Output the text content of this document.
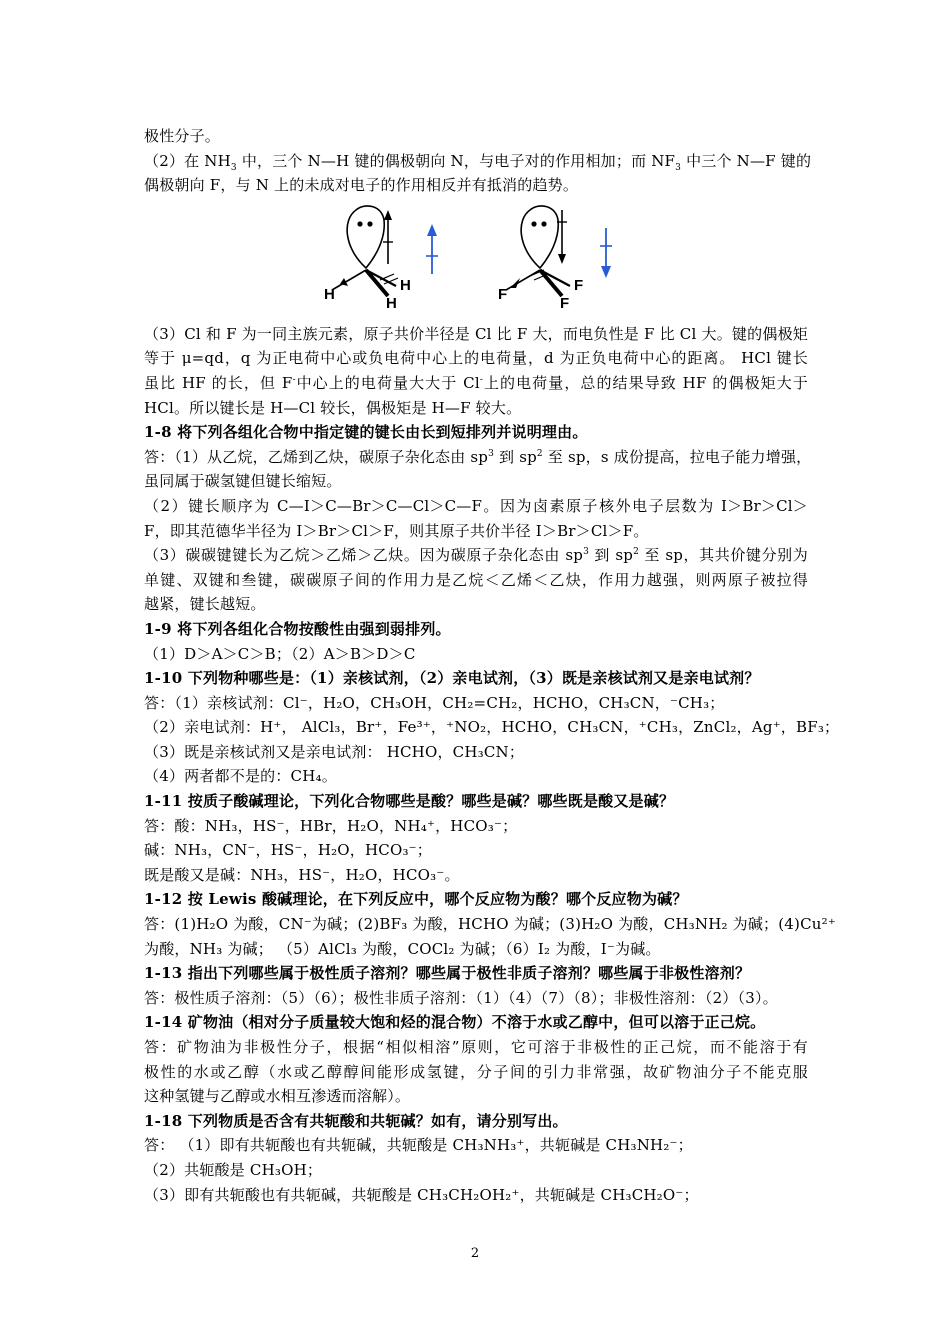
极性分子。
（2）在 $NH_3$ 中，三个 N—H 键的偶极朝向 N，与电子对的作用相加；而 $NF_3$ 中三个 N—F 键的
偶极朝向 F，与 N 上的未成对电子的作用相反并有抵消的趋势。
H
H
H
F
F
F
（3）Cl 和 F 为一同主族元素，原子共价半径是 Cl 比 F 大，而电负性是 F 比 Cl 大。键的偶极矩
等于 μ=qd，q 为正电荷中心或负电荷中心上的电荷量，d 为正负电荷中心的距离。 HCl 键长
虽比 HF 的长，但 F-中心上的电荷量大大于 Cl-上的电荷量，总的结果导致 HF 的偶极矩大于
HCl。所以键长是 H—Cl 较长，偶极矩是 H—F 较大。
1-8 将下列各组化合物中指定键的键长由长到短排列并说明理由。
答：（1）从乙烷，乙烯到乙炔，碳原子杂化态由 $sp^3$ 到 $sp^2$ 至 sp，s 成份提高，拉电子能力增强，
虽同属于碳氢键但键长缩短。
（2）键长顺序为 C—I＞C—Br＞C—Cl＞C—F。因为卤素原子核外电子层数为 I＞Br＞Cl＞
F，即其范德华半径为 I＞Br＞Cl＞F，则其原子共价半径 I＞Br＞Cl＞F。
（3）碳碳键键长为乙烷＞乙烯＞乙炔。因为碳原子杂化态由 $sp^3$ 到 $sp^2$ 至 sp，其共价键分别为
单键、双键和叁键，碳碳原子间的作用力是乙烷＜乙烯＜乙炔，作用力越强，则两原子被拉得
越紧，键长越短。
1-9 将下列各组化合物按酸性由强到弱排列。
（1）D＞A＞C＞B；（2）A＞B＞D＞C
1-10 下列物种哪些是：（1）亲核试剂，（2）亲电试剂，（3）既是亲核试剂又是亲电试剂？
答：（1）亲核试剂：Cl⁻，H₂O，CH₃OH，CH₂=CH₂，HCHO，CH₃CN，⁻CH₃；
（2）亲电试剂：H⁺， AlCl₃，Br⁺，Fe³⁺，⁺NO₂，HCHO，CH₃CN，⁺CH₃，ZnCl₂，Ag⁺，BF₃；
（3）既是亲核试剂又是亲电试剂： HCHO，CH₃CN；
（4）两者都不是的：CH₄。
1-11 按质子酸碱理论，下列化合物哪些是酸？哪些是碱？哪些既是酸又是碱？
答：酸：NH₃，HS⁻，HBr，H₂O，NH₄⁺，HCO₃⁻；
碱：NH₃，CN⁻，HS⁻，H₂O，HCO₃⁻；
既是酸又是碱：NH₃，HS⁻，H₂O，HCO₃⁻。
1-12 按 Lewis 酸碱理论，在下列反应中，哪个反应物为酸？哪个反应物为碱？
答：(1)H₂O 为酸，CN⁻为碱；(2)BF₃ 为酸，HCHO 为碱；(3)H₂O 为酸，CH₃NH₂ 为碱；(4)Cu²⁺
为酸，NH₃ 为碱； （5）AlCl₃ 为酸，COCl₂ 为碱；（6）I₂ 为酸，I⁻为碱。
1-13 指出下列哪些属于极性质子溶剂？哪些属于极性非质子溶剂？哪些属于非极性溶剂？
答：极性质子溶剂：（5）（6）；极性非质子溶剂：（1）（4）（7）（8）；非极性溶剂：（2）（3）。
1-14 矿物油（相对分子质量较大饱和烃的混合物）不溶于水或乙醇中，但可以溶于正己烷。
答：矿物油为非极性分子，根据“相似相溶”原则，它可溶于非极性的正己烷，而不能溶于有
极性的水或乙醇（水或乙醇醇间能形成氢键，分子间的引力非常强，故矿物油分子不能克服
这种氢键与乙醇或水相互渗透而溶解）。
1-18 下列物质是否含有共轭酸和共轭碱？如有，请分别写出。
答： （1）即有共轭酸也有共轭碱，共轭酸是 CH₃NH₃⁺，共轭碱是 CH₃NH₂⁻；
（2）共轭酸是 CH₃OH；
（3）即有共轭酸也有共轭碱，共轭酸是 CH₃CH₂OH₂⁺，共轭碱是 CH₃CH₂O⁻；
2
